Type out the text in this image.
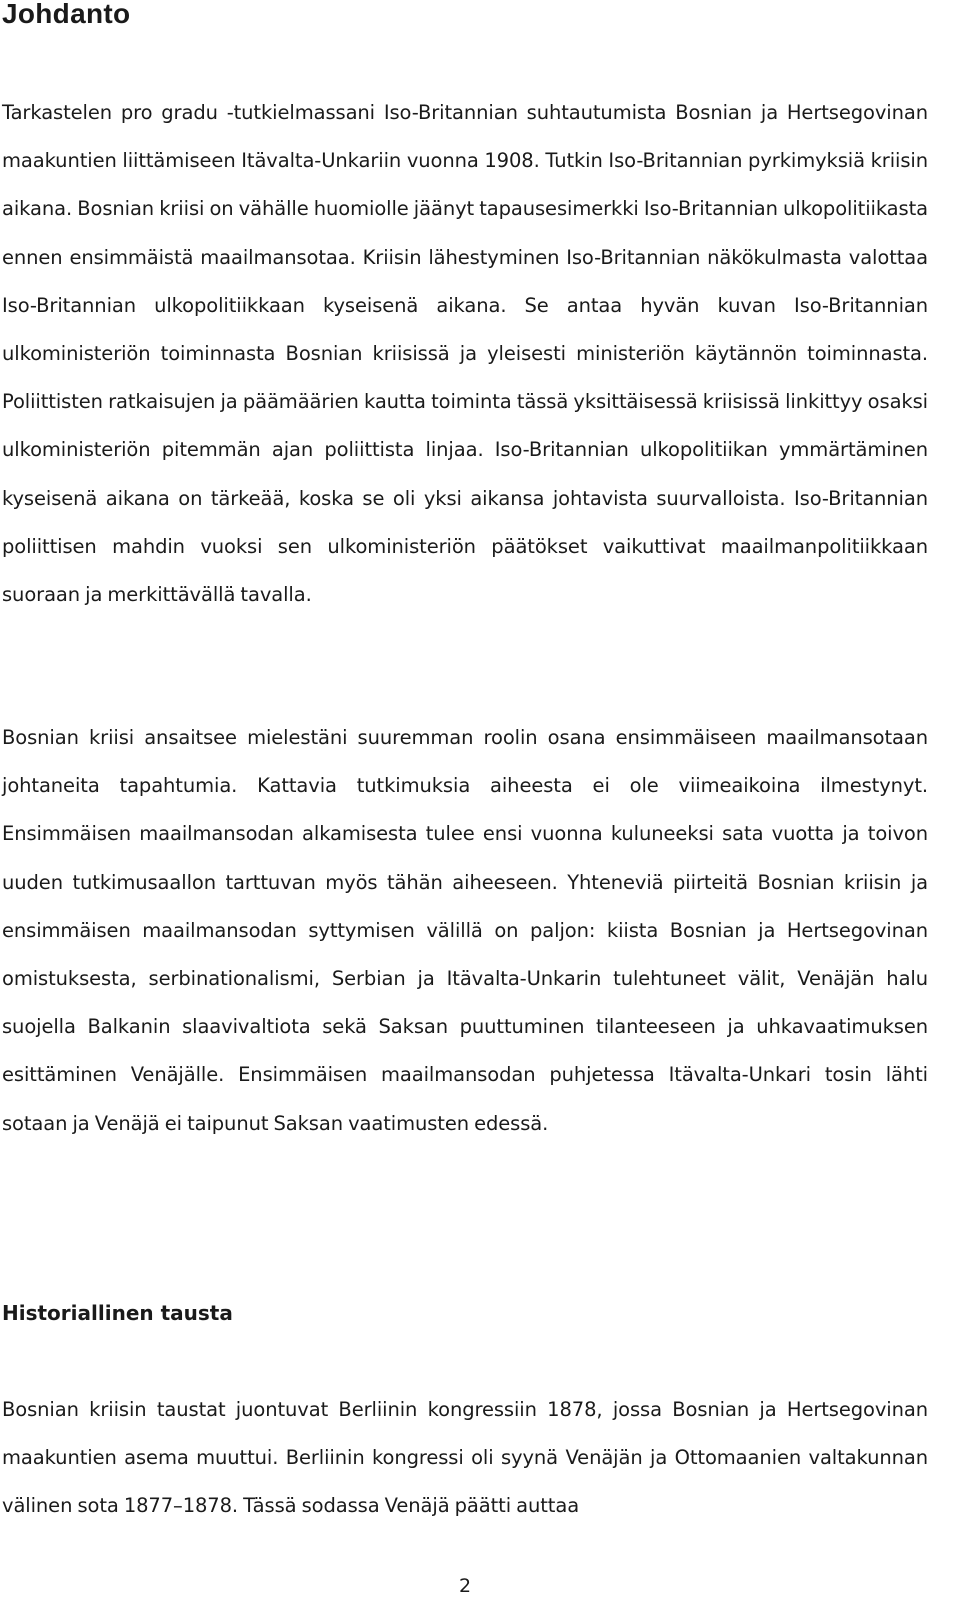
Johdanto

Tarkastelen pro gradu -tutkielmassani Iso-Britannian suhtautumista Bosnian ja Hertsegovinan maakuntien liittämiseen Itävalta-Unkariin vuonna 1908. Tutkin Iso-Britannian pyrkimyksiä kriisin aikana. Bosnian kriisi on vähälle huomiolle jäänyt tapausesimerkki Iso-Britannian ulkopolitiikasta ennen ensimmäistä maailmansotaa. Kriisin lähestyminen Iso-Britannian näkökulmasta valottaa Iso-Britannian ulkopolitiikkaan kyseisenä aikana. Se antaa hyvän kuvan Iso-Britannian ulkoministeriön toiminnasta Bosnian kriisissä ja yleisesti ministeriön käytännön toiminnasta. Poliittisten ratkaisujen ja päämäärien kautta toiminta tässä yksittäisessä kriisissä linkittyy osaksi ulkoministeriön pitemmän ajan poliittista linjaa. Iso-Britannian ulkopolitiikan ymmärtäminen kyseisenä aikana on tärkeää, koska se oli yksi aikansa johtavista suurvalloista. Iso-Britannian poliittisen mahdin vuoksi sen ulkoministeriön päätökset vaikuttivat maailmanpolitiikkaan suoraan ja merkittävällä tavalla.

Bosnian kriisi ansaitsee mielestäni suuremman roolin osana ensimmäiseen maailmansotaan johtaneita tapahtumia. Kattavia tutkimuksia aiheesta ei ole viimeaikoina ilmestynyt. Ensimmäisen maailmansodan alkamisesta tulee ensi vuonna kuluneeksi sata vuotta ja toivon uuden tutkimusaallon tarttuvan myös tähän aiheeseen. Yhteneviä piirteitä Bosnian kriisin ja ensimmäisen maailmansodan syttymisen välillä on paljon: kiista Bosnian ja Hertsegovinan omistuksesta, serbinationalismi, Serbian ja Itävalta-Unkarin tulehtuneet välit, Venäjän halu suojella Balkanin slaavivaltiota sekä Saksan puuttuminen tilanteeseen ja uhkavaatimuksen esittäminen Venäjälle. Ensimmäisen maailmansodan puhjetessa Itävalta-Unkari tosin lähti sotaan ja Venäjä ei taipunut Saksan vaatimusten edessä.

Historiallinen tausta

Bosnian kriisin taustat juontuvat Berliinin kongressiin 1878, jossa Bosnian ja Hertsegovinan maakuntien asema muuttui. Berliinin kongressi oli syynä Venäjän ja Ottomaanien valtakunnan välinen sota 1877–1878. Tässä sodassa Venäjä päätti auttaa

2
